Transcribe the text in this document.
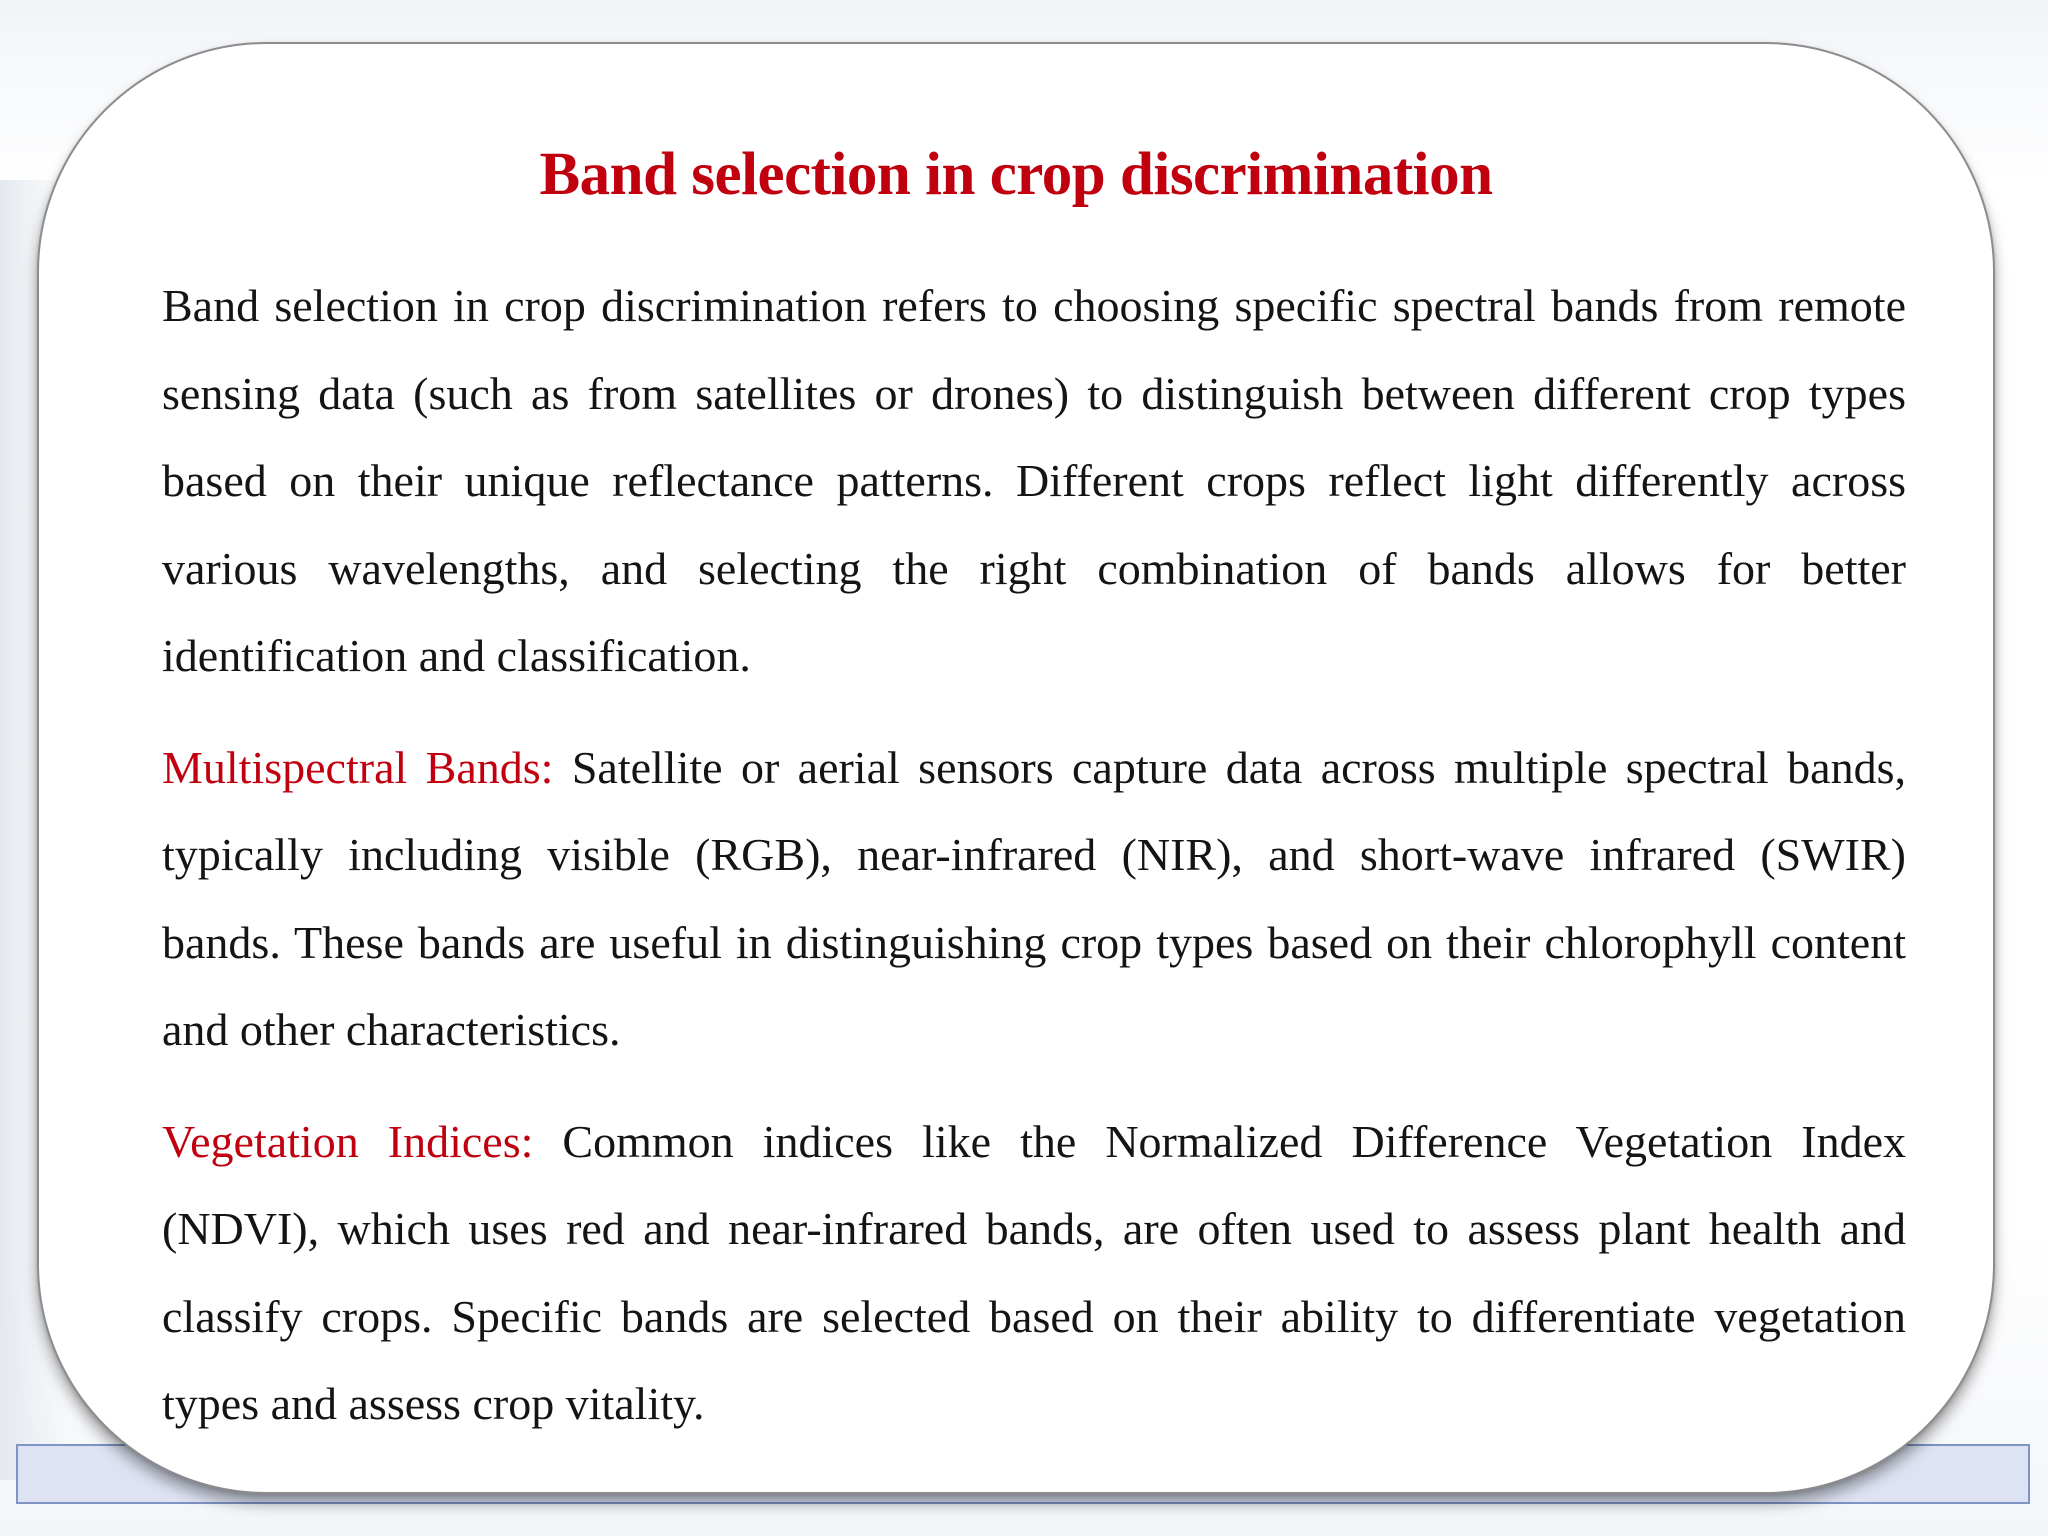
Band selection in crop discrimination

Band selection in crop discrimination refers to choosing specific spectral bands from remote sensing data (such as from satellites or drones) to distinguish between different crop types based on their unique reflectance patterns. Different crops reflect light differently across various wavelengths, and selecting the right combination of bands allows for better identification and classification.

Multispectral Bands: Satellite or aerial sensors capture data across multiple spectral bands, typically including visible (RGB), near-infrared (NIR), and short-wave infrared (SWIR) bands. These bands are useful in distinguishing crop types based on their chlorophyll content and other characteristics.

Vegetation Indices: Common indices like the Normalized Difference Vegetation Index (NDVI), which uses red and near-infrared bands, are often used to assess plant health and classify crops. Specific bands are selected based on their ability to differentiate vegetation types and assess crop vitality.
